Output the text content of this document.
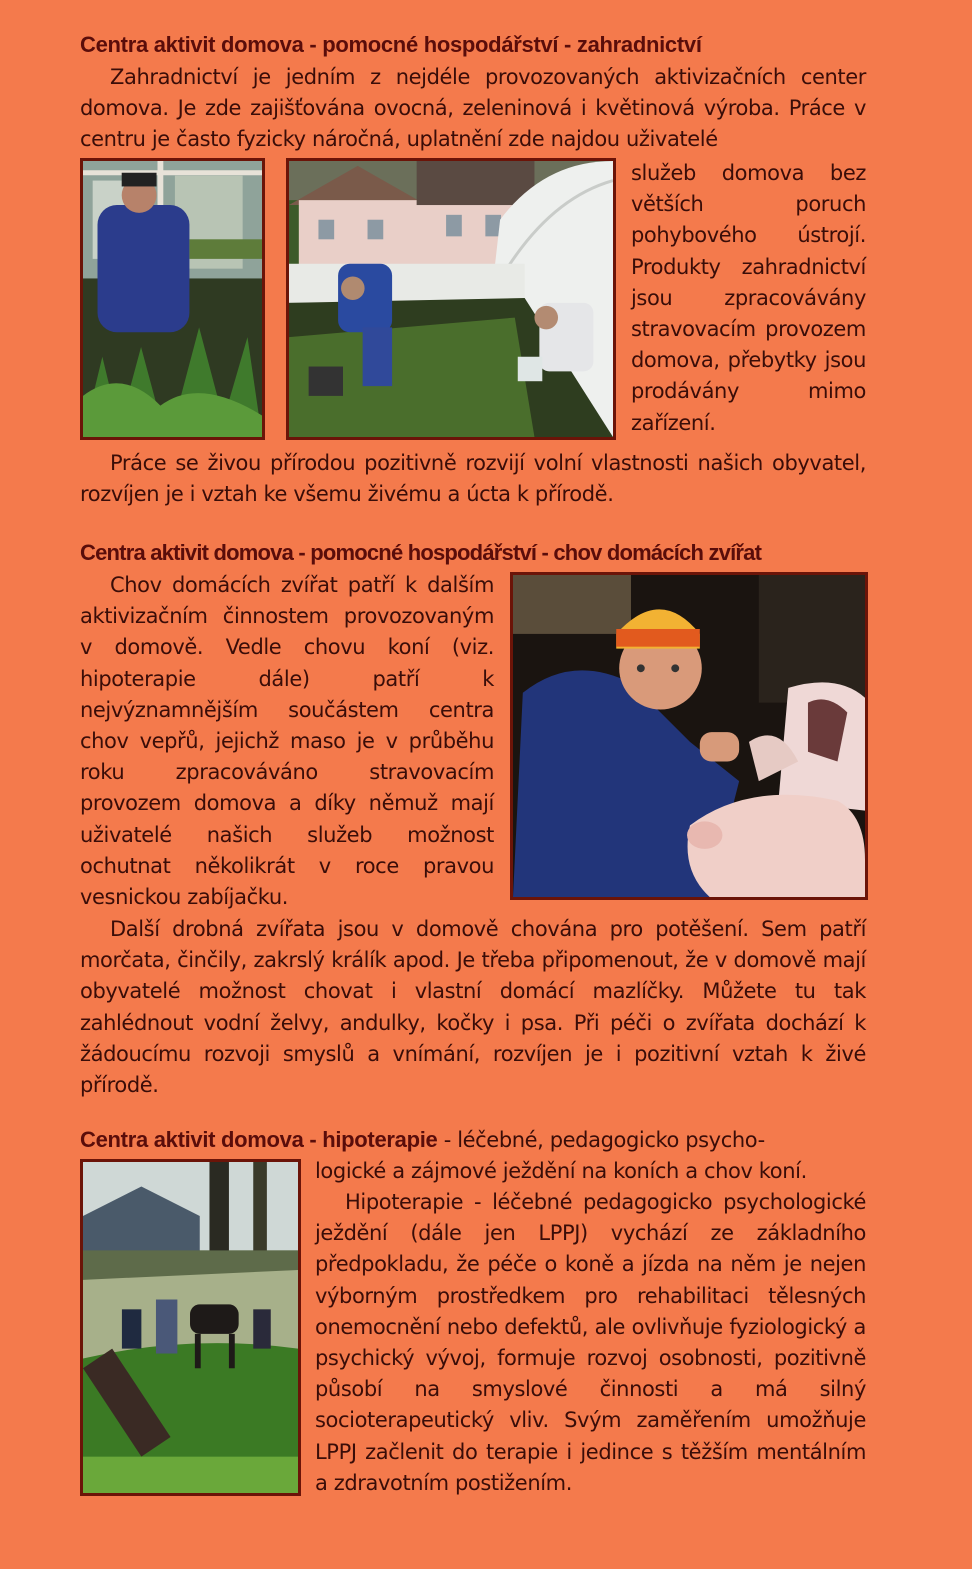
Centra aktivit domova - pomocné hospodářství - zahradnictví

Zahradnictví je jedním z nejdéle provozovaných aktivizačních center domova. Je zde zajišťována ovocná, zeleninová i květinová výroba. Práce v centru je často fyzicky náročná, uplatnění zde najdou uživatelé

služeb domova bez větších poruch pohybového ústrojí. Produkty zahradnictví jsou zpracovávány stravovacím provozem domova, přebytky jsou prodávány mimo zařízení.

Práce se živou přírodou pozitivně rozvijí volní vlastnosti našich obyvatel, rozvíjen je i vztah ke všemu živému a úcta k přírodě.

Centra aktivit domova - pomocné hospodářství - chov domácích zvířat

Chov domácích zvířat patří k dalším aktivizačním činnostem provozovaným v domově. Vedle chovu koní (viz. hipoterapie dále) patří k nejvýznamnějším součástem centra chov vepřů, jejichž maso je v průběhu roku zpracováváno stravovacím provozem domova a díky němuž mají uživatelé našich služeb možnost ochutnat několikrát v roce pravou vesnickou zabíjačku.

Další drobná zvířata jsou v domově chována pro potěšení. Sem patří morčata, činčily, zakrslý králík apod. Je třeba připomenout, že v domově mají obyvatelé možnost chovat i vlastní domácí mazlíčky. Můžete tu tak zahlédnout vodní želvy, andulky, kočky i psa. Při péči o zvířata dochází k žádoucímu rozvoji smyslů a vnímání, rozvíjen je i pozitivní vztah k živé přírodě.

Centra aktivit domova - hipoterapie - léčebné, pedagogicko psycho-

logické a zájmové ježdění na koních a chov koní.

Hipoterapie - léčebné pedagogicko psychologické ježdění (dále jen LPPJ) vychází ze základního předpokladu, že péče o koně a jízda na něm je nejen výborným prostředkem pro rehabilitaci tělesných onemocnění nebo defektů, ale ovlivňuje fyziologický a psychický vývoj, formuje rozvoj osobnosti, pozitivně působí na smyslové činnosti a má silný socioterapeutický vliv. Svým zaměřením umožňuje LPPJ začlenit do terapie i jedince s těžším mentálním a zdravotním postižením.
